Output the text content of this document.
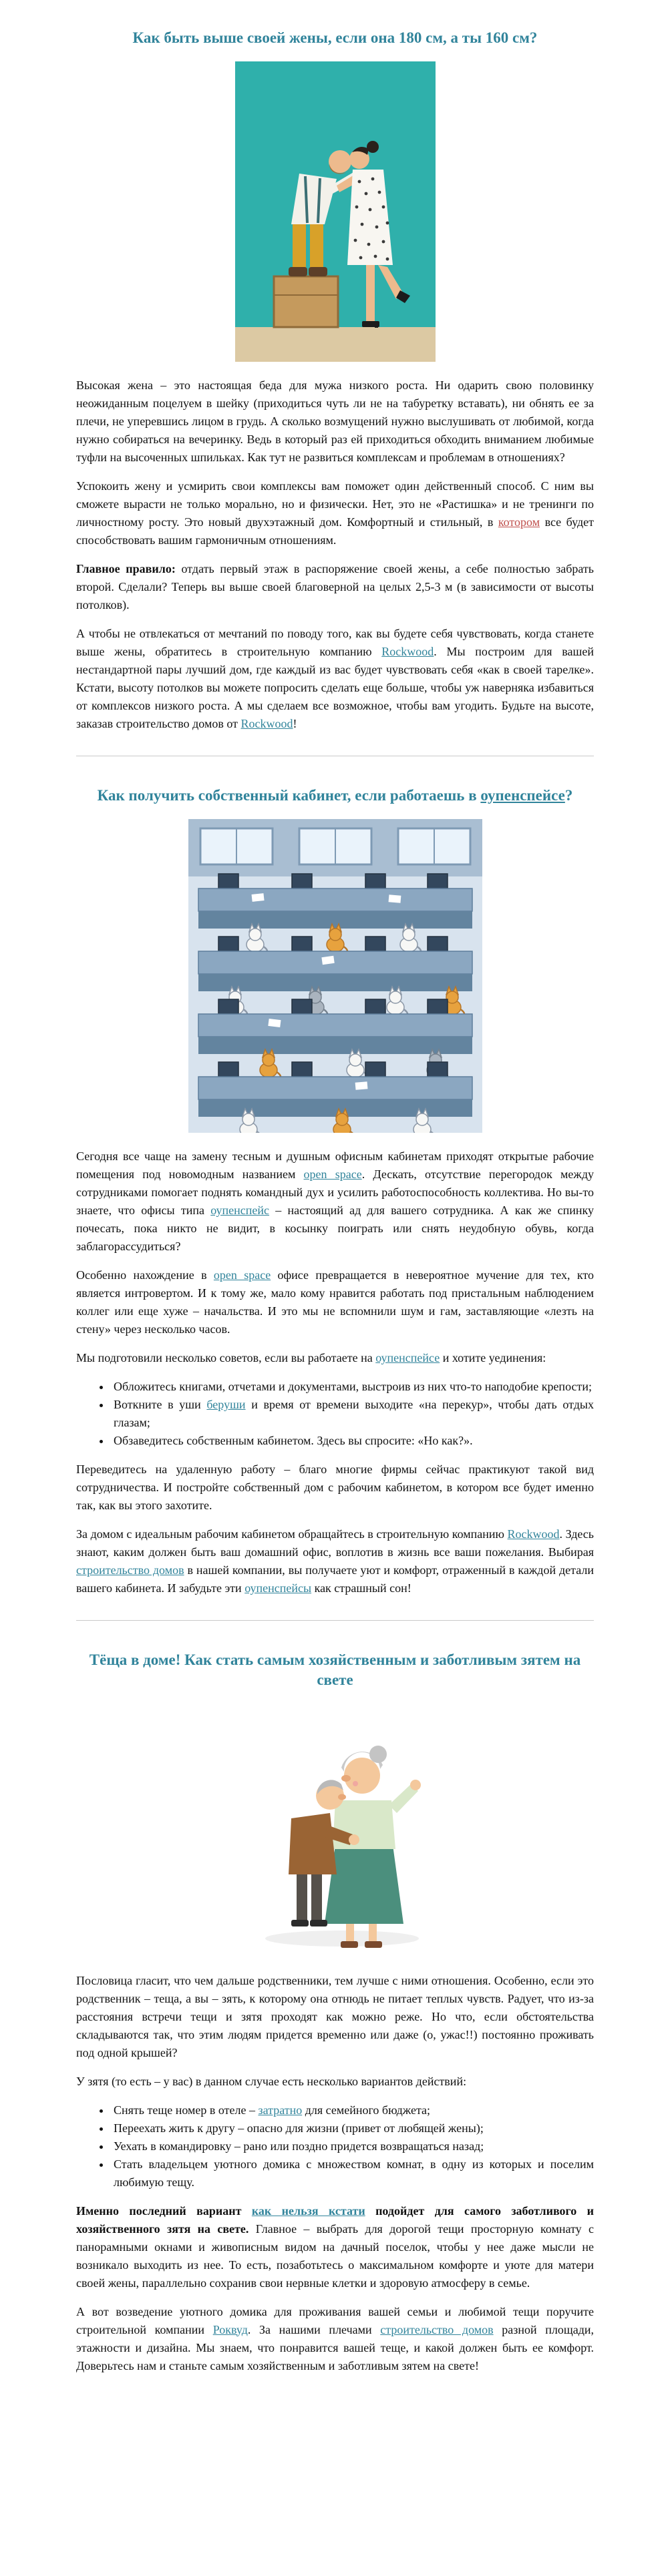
Как быть выше своей жены, если она 180 см, а ты 160 см?

Высокая жена – это настоящая беда для мужа низкого роста. Ни одарить свою половинку неожиданным поцелуем в шейку (приходиться чуть ли не на табуретку вставать), ни обнять ее за плечи, не уперевшись лицом в грудь. А сколько возмущений нужно выслушивать от любимой, когда нужно собираться на вечеринку. Ведь в который раз ей приходиться обходить вниманием любимые туфли на высоченных шпильках. Как тут не развиться комплексам и проблемам в отношениях?

Успокоить жену и усмирить свои комплексы вам поможет один действенный способ. С ним вы сможете вырасти не только морально, но и физически. Нет, это не «Растишка» и не тренинги по личностному росту. Это новый двухэтажный дом. Комфортный и стильный, в котором все будет способствовать вашим гармоничным отношениям.

Главное правило: отдать первый этаж в распоряжение своей жены, а себе полностью забрать второй. Сделали? Теперь вы выше своей благоверной на целых 2,5-3 м (в зависимости от высоты потолков).

А чтобы не отвлекаться от мечтаний по поводу того, как вы будете себя чувствовать, когда станете выше жены, обратитесь в строительную компанию Rockwood. Мы построим для вашей нестандартной пары лучший дом, где каждый из вас будет чувствовать себя «как в своей тарелке». Кстати, высоту потолков вы можете попросить сделать еще больше, чтобы уж наверняка избавиться от комплексов низкого роста. А мы сделаем все возможное, чтобы вам угодить. Будьте на высоте, заказав строительство домов от Rockwood!

Как получить собственный кабинет, если работаешь в оупенспейсе?

Сегодня все чаще на замену тесным и душным офисным кабинетам приходят открытые рабочие помещения под новомодным названием open space. Дескать, отсутствие перегородок между сотрудниками помогает поднять командный дух и усилить работоспособность коллектива. Но вы-то знаете, что офисы типа оупенспейс – настоящий ад для вашего сотрудника. А как же спинку почесать, пока никто не видит, в косынку поиграть или снять неудобную обувь, когда заблагорассудиться?

Особенно нахождение в open space офисе превращается в невероятное мучение для тех, кто является интровертом. И к тому же, мало кому нравится работать под пристальным наблюдением коллег или еще хуже – начальства. И это мы не вспомнили шум и гам, заставляющие «лезть на стену» через несколько часов.

Мы подготовили несколько советов, если вы работаете на оупенспейсе и хотите уединения:

• Обложитесь книгами, отчетами и документами, выстроив из них что-то наподобие крепости;
• Воткните в уши беруши и время от времени выходите «на перекур», чтобы дать отдых глазам;
• Обзаведитесь собственным кабинетом. Здесь вы спросите: «Но как?».

Переведитесь на удаленную работу – благо многие фирмы сейчас практикуют такой вид сотрудничества. И постройте собственный дом с рабочим кабинетом, в котором все будет именно так, как вы этого захотите.

За домом с идеальным рабочим кабинетом обращайтесь в строительную компанию Rockwood. Здесь знают, каким должен быть ваш домашний офис, воплотив в жизнь все ваши пожелания. Выбирая строительство домов в нашей компании, вы получаете уют и комфорт, отраженный в каждой детали вашего кабинета. И забудьте эти оупенспейсы как страшный сон!

Тёща в доме! Как стать самым хозяйственным и заботливым зятем на свете

Пословица гласит, что чем дальше родственники, тем лучше с ними отношения. Особенно, если это родственник – теща, а вы – зять, к которому она отнюдь не питает теплых чувств. Радует, что из-за расстояния встречи тещи и зятя проходят как можно реже. Но что, если обстоятельства складываются так, что этим людям придется временно или даже (о, ужас!!) постоянно проживать под одной крышей?

У зятя (то есть – у вас) в данном случае есть несколько вариантов действий:

• Снять теще номер в отеле – затратно для семейного бюджета;
• Переехать жить к другу – опасно для жизни (привет от любящей жены);
• Уехать в командировку – рано или поздно придется возвращаться назад;
• Стать владельцем уютного домика с множеством комнат, в одну из которых и поселим любимую тещу.

Именно последний вариант как нельзя кстати подойдет для самого заботливого и хозяйственного зятя на свете. Главное – выбрать для дорогой тещи просторную комнату с панорамными окнами и живописным видом на дачный поселок, чтобы у нее даже мысли не возникало выходить из нее. То есть, позаботьтесь о максимальном комфорте и уюте для матери своей жены, параллельно сохранив свои нервные клетки и здоровую атмосферу в семье.

А вот возведение уютного домика для проживания вашей семьи и любимой тещи поручите строительной компании Роквуд. За нашими плечами строительство домов разной площади, этажности и дизайна. Мы знаем, что понравится вашей теще, и какой должен быть ее комфорт. Доверьтесь нам и станьте самым хозяйственным и заботливым зятем на свете!
